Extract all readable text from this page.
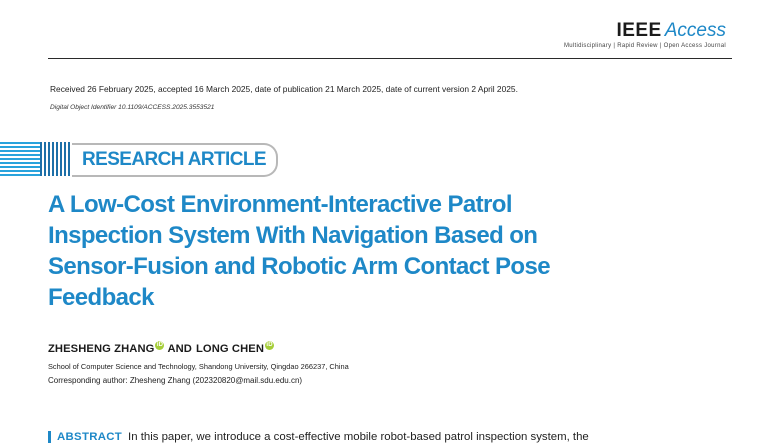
IEEE Access
Multidisciplinary | Rapid Review | Open Access Journal
Received 26 February 2025, accepted 16 March 2025, date of publication 21 March 2025, date of current version 2 April 2025.
Digital Object Identifier 10.1109/ACCESS.2025.3553521
RESEARCH ARTICLE
A Low-Cost Environment-Interactive Patrol Inspection System With Navigation Based on Sensor-Fusion and Robotic Arm Contact Pose Feedback
ZHESHENG ZHANG iD AND LONG CHEN iD
School of Computer Science and Technology, Shandong University, Qingdao 266237, China
Corresponding author: Zhesheng Zhang (202320820@mail.sdu.edu.cn)
ABSTRACT In this paper, we introduce a cost-effective mobile robot-based patrol inspection system, the
